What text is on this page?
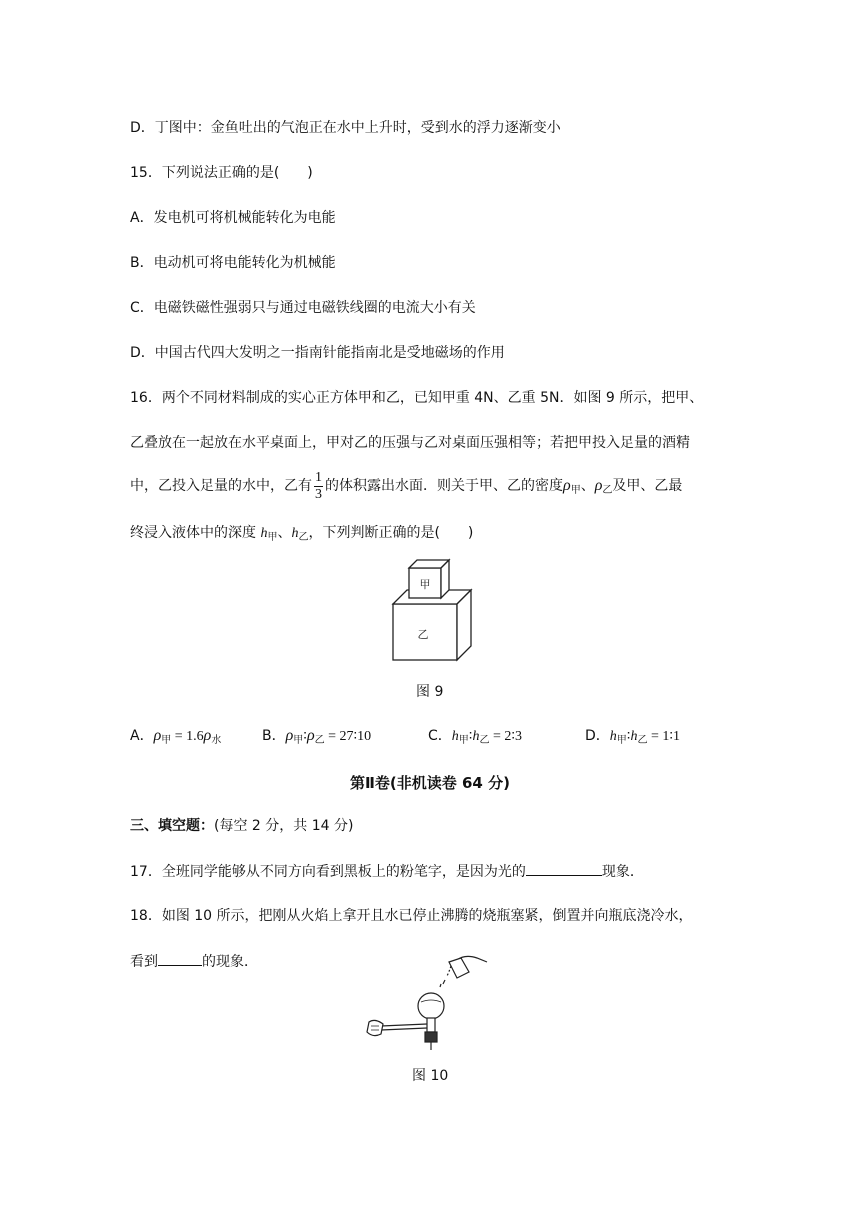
D．丁图中：金鱼吐出的气泡正在水中上升时，受到水的浮力逐渐变小
15．下列说法正确的是(　　)
A．发电机可将机械能转化为电能
B．电动机可将电能转化为机械能
C．电磁铁磁性强弱只与通过电磁铁线圈的电流大小有关
D．中国古代四大发明之一指南针能指南北是受地磁场的作用
16．两个不同材料制成的实心正方体甲和乙，已知甲重 4N、乙重 5N．如图 9 所示，把甲、
乙叠放在一起放在水平桌面上，甲对乙的压强与乙对桌面压强相等；若把甲投入足量的酒精
中，乙投入足量的水中，乙有 $\frac{1}{3}$ 的体积露出水面．则关于甲、乙的密度$\rho_甲$、$\rho_乙$及甲、乙最
终浸入液体中的深度 $h_甲$、$h_乙$，下列判断正确的是(　　)
甲
乙
图 9
A．$\rho_甲 = 1.6\rho_水$	B．$\rho_甲∶\rho_乙$ = 27∶10	C．$h_甲∶h_乙$ = 2∶3	D．$h_甲∶h_乙$ = 1∶1
第Ⅱ卷(非机读卷 64 分)
三、填空题：(每空 2 分，共 14 分)
17．全班同学能够从不同方向看到黑板上的粉笔字，是因为光的	现象．
18．如图 10 所示，把刚从火焰上拿开且水已停止沸腾的烧瓶塞紧，倒置并向瓶底浇冷水，
看到	的现象．
图 10
